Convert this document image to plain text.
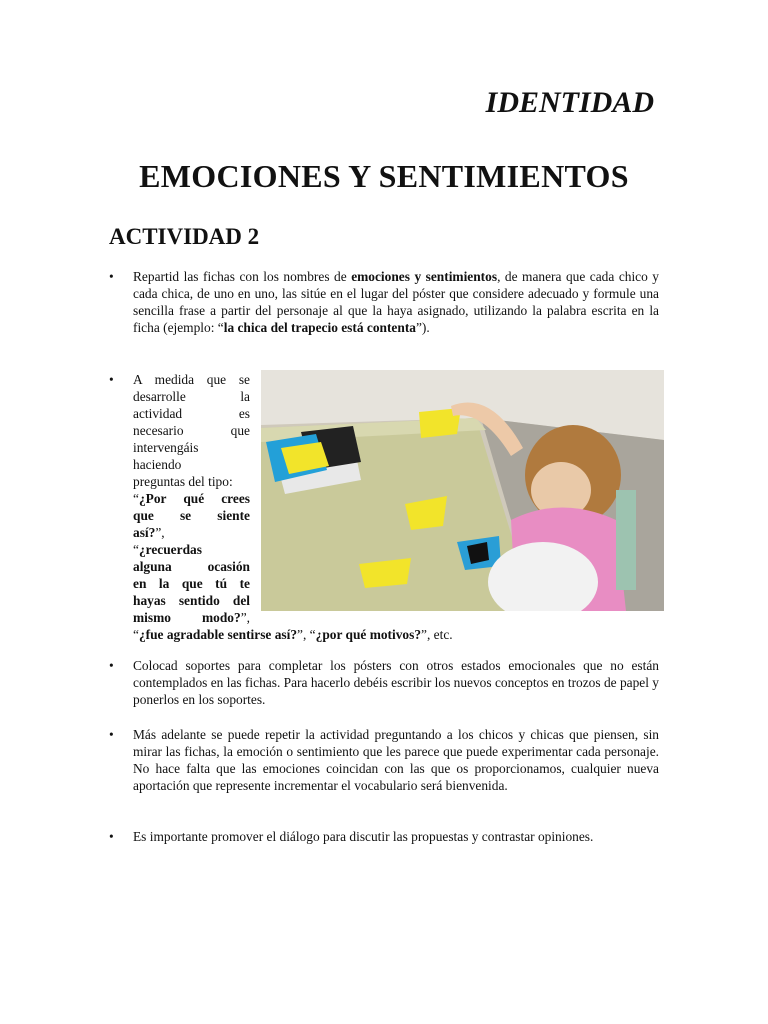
IDENTIDAD
EMOCIONES Y SENTIMIENTOS
ACTIVIDAD 2
•	Repartid las fichas con los nombres de emociones y sentimientos, de manera que cada chico y cada chica, de uno en uno, las sitúe en el lugar del póster que considere adecuado y formule una sencilla frase a partir del personaje al que la haya asignado, utilizando la palabra escrita en la ficha (ejemplo: “la chica del trapecio está contenta”).
•	A medida que se
desarrolle la
actividad es
necesario que
intervengáis
haciendo
preguntas del tipo:
“¿Por qué crees
que se siente
así?”,
“¿recuerdas
alguna ocasión
en la que tú te
hayas sentido del
mismo modo?”,
“¿fue agradable sentirse así?”, “¿por qué motivos?”, etc.
•	Colocad soportes para completar los pósters con otros estados emocionales que no están contemplados en las fichas. Para hacerlo debéis escribir los nuevos conceptos en trozos de papel y ponerlos en los soportes.
•	Más adelante se puede repetir la actividad preguntando a los chicos y chicas que piensen, sin mirar las fichas, la emoción o sentimiento que les parece que puede experimentar cada personaje. No hace falta que las emociones coincidan con las que os proporcionamos, cualquier nueva aportación que represente incrementar el vocabulario será bienvenida.
•	Es importante promover el diálogo para discutir las propuestas y contrastar opiniones.
